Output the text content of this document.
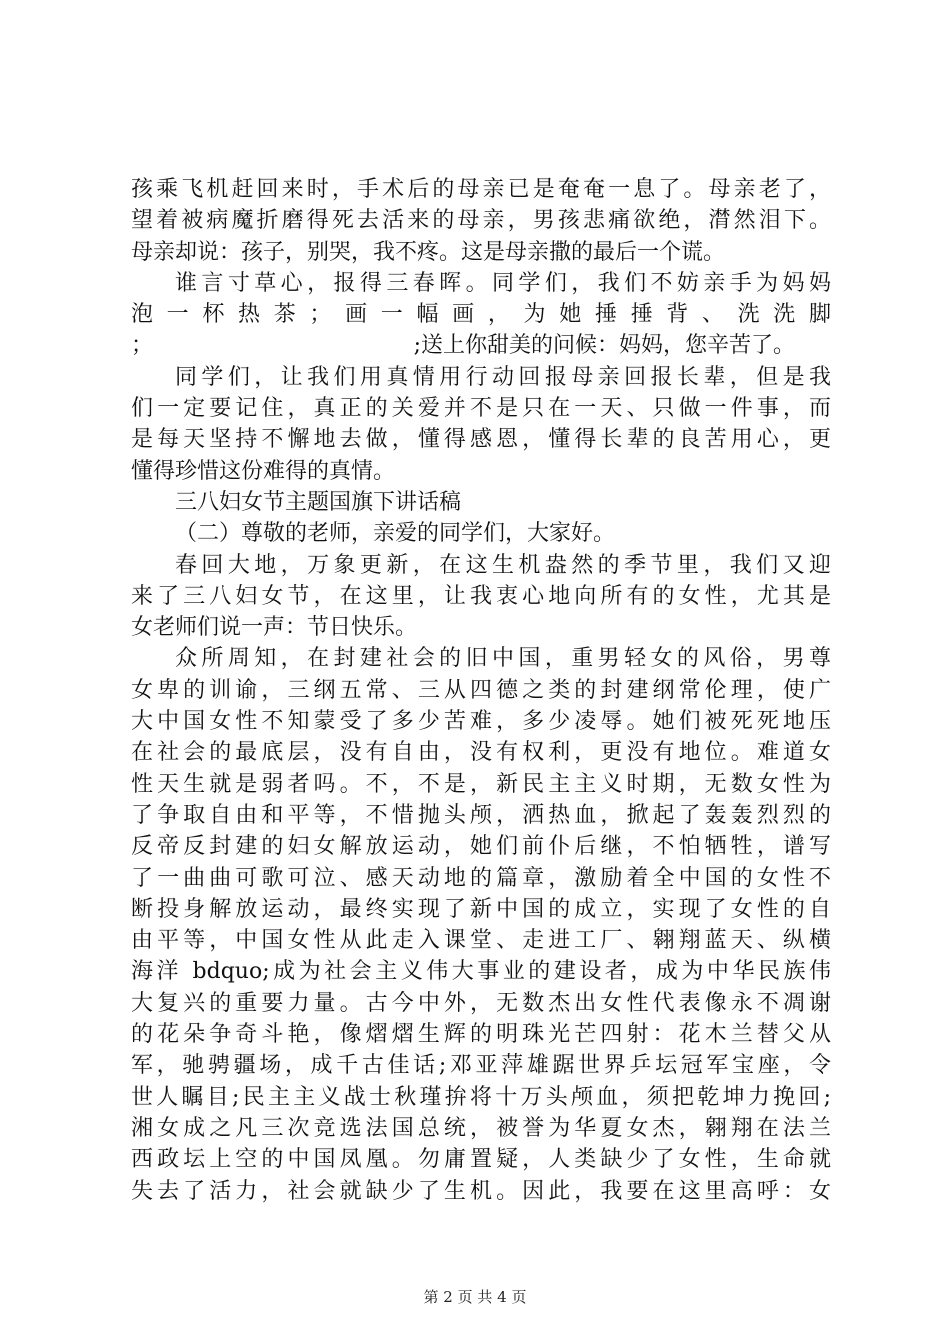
孩乘飞机赶回来时，手术后的母亲已是奄奄一息了。母亲老了，
望着被病魔折磨得死去活来的母亲，男孩悲痛欲绝，潸然泪下。
母亲却说：孩子，别哭，我不疼。这是母亲撒的最后一个谎。
谁言寸草心，报得三春晖。同学们，我们不妨亲手为妈妈
泡一杯热茶；画一幅画，为她捶捶背、洗洗脚
；	;送上你甜美的问候：妈妈，您辛苦了。
同学们，让我们用真情用行动回报母亲回报长辈，但是我
们一定要记住，真正的关爱并不是只在一天、只做一件事，而
是每天坚持不懈地去做，懂得感恩，懂得长辈的良苦用心，更
懂得珍惜这份难得的真情。
三八妇女节主题国旗下讲话稿
（二）尊敬的老师，亲爱的同学们，大家好。
春回大地，万象更新，在这生机盎然的季节里，我们又迎
来了三八妇女节，在这里，让我衷心地向所有的女性，尤其是
女老师们说一声：节日快乐。
众所周知，在封建社会的旧中国，重男轻女的风俗，男尊
女卑的训谕，三纲五常、三从四德之类的封建纲常伦理，使广
大中国女性不知蒙受了多少苦难，多少凌辱。她们被死死地压
在社会的最底层，没有自由，没有权利，更没有地位。难道女
性天生就是弱者吗。不，不是，新民主主义时期，无数女性为
了争取自由和平等，不惜抛头颅，洒热血，掀起了轰轰烈烈的
反帝反封建的妇女解放运动，她们前仆后继，不怕牺牲，谱写
了一曲曲可歌可泣、感天动地的篇章，激励着全中国的女性不
断投身解放运动，最终实现了新中国的成立，实现了女性的自
由平等，中国女性从此走入课堂、走进工厂、翱翔蓝天、纵横
海洋 bdquo;成为社会主义伟大事业的建设者，成为中华民族伟
大复兴的重要力量。古今中外，无数杰出女性代表像永不凋谢
的花朵争奇斗艳，像熠熠生辉的明珠光芒四射：花木兰替父从
军，驰骋疆场，成千古佳话;邓亚萍雄踞世界乒坛冠军宝座，令
世人瞩目;民主主义战士秋瑾拚将十万头颅血，须把乾坤力挽回;
湘女成之凡三次竞选法国总统，被誉为华夏女杰，翱翔在法兰
西政坛上空的中国凤凰。勿庸置疑，人类缺少了女性，生命就
失去了活力，社会就缺少了生机。因此，我要在这里高呼：女
第 2 页 共 4 页
